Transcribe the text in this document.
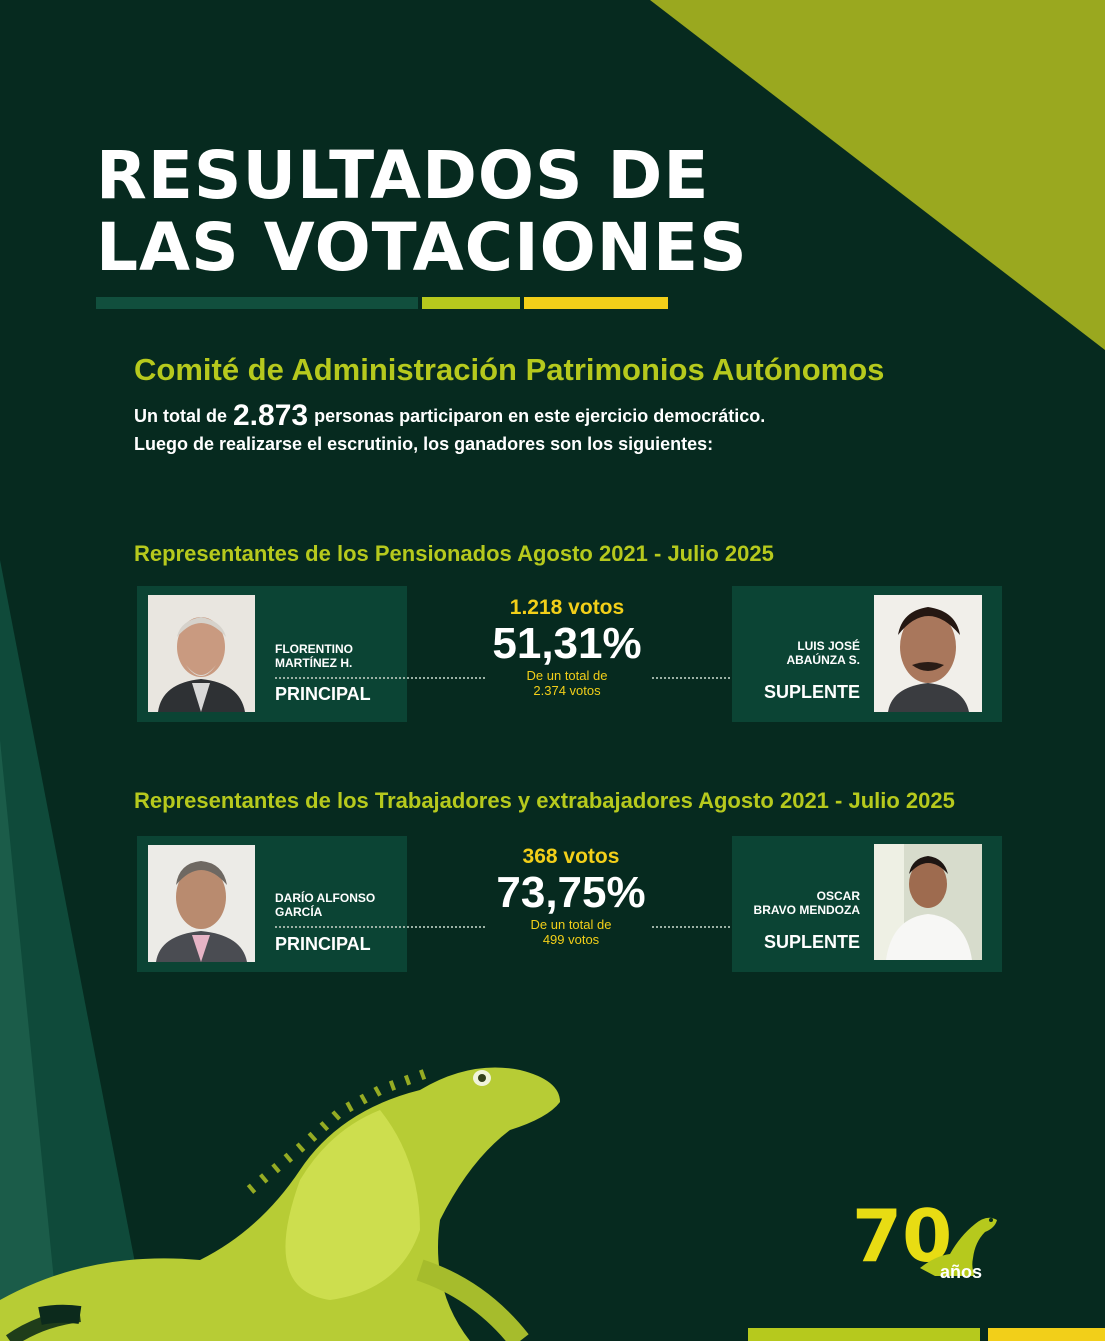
RESULTADOS DE
LAS VOTACIONES
Comité de Administración Patrimonios Autónomos
Un total de 2.873 personas participaron en este ejercicio democrático.
Luego de realizarse el escrutinio, los ganadores son los siguientes:
Representantes de los Pensionados Agosto 2021 - Julio 2025
FLORENTINO
MARTÍNEZ H.
PRINCIPAL
1.218 votos
51,31%
De un total de
2.374 votos
LUIS JOSÉ
ABAÚNZA S.
SUPLENTE
Representantes de los Trabajadores y extrabajadores Agosto 2021 - Julio 2025
DARÍO ALFONSO
GARCÍA
PRINCIPAL
368 votos
73,75%
De un total de
499 votos
OSCAR
BRAVO MENDOZA
SUPLENTE
70
años
